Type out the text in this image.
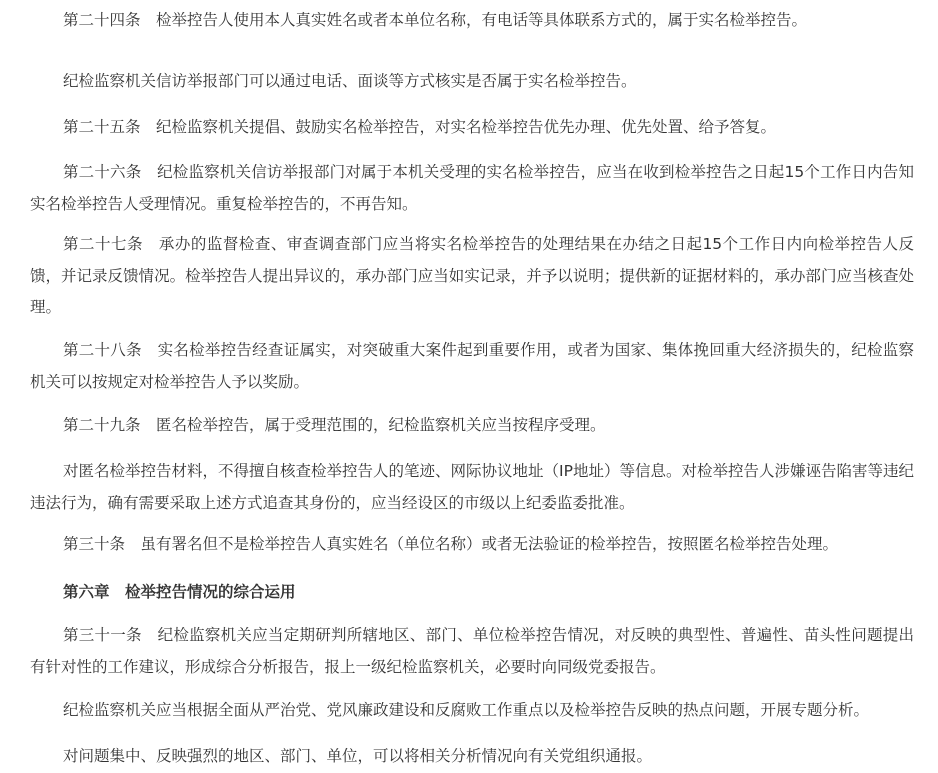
第二十四条　检举控告人使用本人真实姓名或者本单位名称，有电话等具体联系方式的，属于实名检举控告。

纪检监察机关信访举报部门可以通过电话、面谈等方式核实是否属于实名检举控告。

第二十五条　纪检监察机关提倡、鼓励实名检举控告，对实名检举控告优先办理、优先处置、给予答复。

第二十六条　纪检监察机关信访举报部门对属于本机关受理的实名检举控告，应当在收到检举控告之日起15个工作日内告知实名检举控告人受理情况。重复检举控告的，不再告知。

第二十七条　承办的监督检查、审查调查部门应当将实名检举控告的处理结果在办结之日起15个工作日内向检举控告人反馈，并记录反馈情况。检举控告人提出异议的，承办部门应当如实记录，并予以说明；提供新的证据材料的，承办部门应当核查处理。

第二十八条　实名检举控告经查证属实，对突破重大案件起到重要作用，或者为国家、集体挽回重大经济损失的，纪检监察机关可以按规定对检举控告人予以奖励。

第二十九条　匿名检举控告，属于受理范围的，纪检监察机关应当按程序受理。

对匿名检举控告材料，不得擅自核查检举控告人的笔迹、网际协议地址（IP地址）等信息。对检举控告人涉嫌诬告陷害等违纪违法行为，确有需要采取上述方式追查其身份的，应当经设区的市级以上纪委监委批准。

第三十条　虽有署名但不是检举控告人真实姓名（单位名称）或者无法验证的检举控告，按照匿名检举控告处理。

第六章　检举控告情况的综合运用

第三十一条　纪检监察机关应当定期研判所辖地区、部门、单位检举控告情况，对反映的典型性、普遍性、苗头性问题提出有针对性的工作建议，形成综合分析报告，报上一级纪检监察机关，必要时向同级党委报告。

纪检监察机关应当根据全面从严治党、党风廉政建设和反腐败工作重点以及检举控告反映的热点问题，开展专题分析。

对问题集中、反映强烈的地区、部门、单位，可以将相关分析情况向有关党组织通报。
